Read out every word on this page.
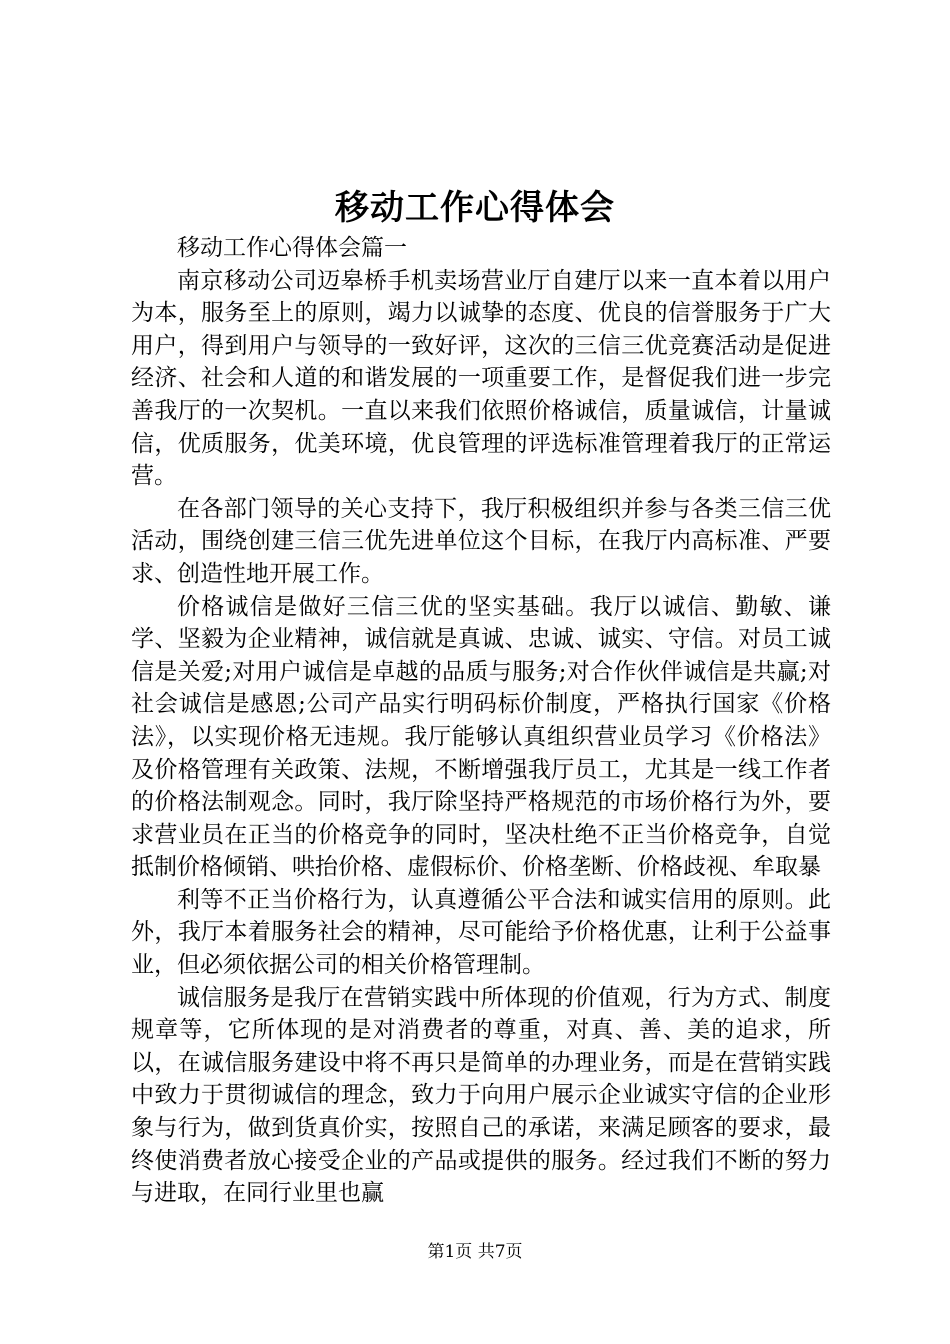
移动工作心得体会

移动工作心得体会篇一

南京移动公司迈皋桥手机卖场营业厅自建厅以来一直本着以用户为本，服务至上的原则，竭力以诚挚的态度、优良的信誉服务于广大用户，得到用户与领导的一致好评，这次的三信三优竞赛活动是促进经济、社会和人道的和谐发展的一项重要工作，是督促我们进一步完善我厅的一次契机。一直以来我们依照价格诚信，质量诚信，计量诚信，优质服务，优美环境，优良管理的评选标准管理着我厅的正常运营。

在各部门领导的关心支持下，我厅积极组织并参与各类三信三优活动，围绕创建三信三优先进单位这个目标，在我厅内高标准、严要求、创造性地开展工作。

价格诚信是做好三信三优的坚实基础。我厅以诚信、勤敏、谦学、坚毅为企业精神，诚信就是真诚、忠诚、诚实、守信。对员工诚信是关爱;对用户诚信是卓越的品质与服务;对合作伙伴诚信是共赢;对社会诚信是感恩;公司产品实行明码标价制度，严格执行国家《价格法》，以实现价格无违规。我厅能够认真组织营业员学习《价格法》及价格管理有关政策、法规，不断增强我厅员工，尤其是一线工作者的价格法制观念。同时，我厅除坚持严格规范的市场价格行为外，要求营业员在正当的价格竞争的同时，坚决杜绝不正当价格竞争，自觉抵制价格倾销、哄抬价格、虚假标价、价格垄断、价格歧视、牟取暴

利等不正当价格行为，认真遵循公平合法和诚实信用的原则。此外，我厅本着服务社会的精神，尽可能给予价格优惠，让利于公益事业，但必须依据公司的相关价格管理制。

诚信服务是我厅在营销实践中所体现的价值观，行为方式、制度规章等，它所体现的是对消费者的尊重，对真、善、美的追求，所以，在诚信服务建设中将不再只是简单的办理业务，而是在营销实践中致力于贯彻诚信的理念，致力于向用户展示企业诚实守信的企业形象与行为，做到货真价实，按照自己的承诺，来满足顾客的要求，最终使消费者放心接受企业的产品或提供的服务。经过我们不断的努力与进取，在同行业里也赢

第1页 共7页
